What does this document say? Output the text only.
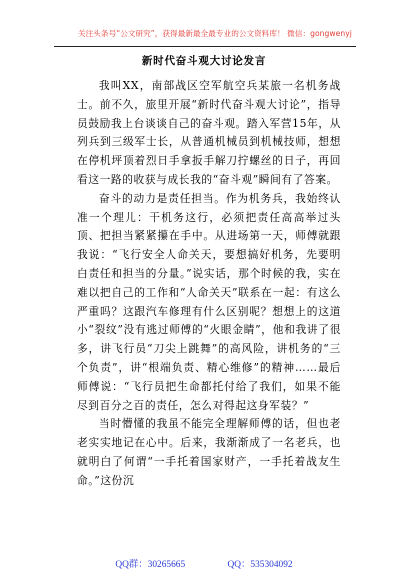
关注头条号“公文研究”，获得最新最全最专业的公文资料库！ 微信：gongwenyj
新时代奋斗观大讨论发言

我叫XX，南部战区空军航空兵某旅一名机务战士。前不久，旅里开展“新时代奋斗观大讨论”，指导员鼓励我上台谈谈自己的奋斗观。踏入军营15年，从列兵到三级军士长，从普通机械员到机械技师，想想在停机坪顶着烈日手拿扳手解刀拧螺丝的日子，再回看这一路的收获与成长我的“奋斗观”瞬间有了答案。

奋斗的动力是责任担当。作为机务兵，我始终认准一个理儿：干机务这行，必须把责任高高举过头顶、把担当紧紧攥在手中。从进场第一天，师傅就跟我说：“飞行安全人命关天，要想搞好机务，先要明白责任和担当的分量。”说实话，那个时候的我，实在难以把自己的工作和“人命关天”联系在一起：有这么严重吗？这跟汽车修理有什么区别呢？想想上的这道小“裂纹”没有逃过师傅的“火眼金睛”，他和我讲了很多，讲飞行员“刀尖上跳舞”的高风险，讲机务的“三个负责”，讲“根端负责、精心维修”的精神……最后师傅说：“飞行员把生命都托付给了我们，如果不能尽到百分之百的责任，怎么对得起这身军装？”

当时懵懂的我虽不能完全理解师傅的话，但也老老实实地记在心中。后来，我渐渐成了一名老兵，也就明白了何谓“一手托着国家财产，一手托着战友生命。”这份沉

QQ群：30265665	QQ：535304092
